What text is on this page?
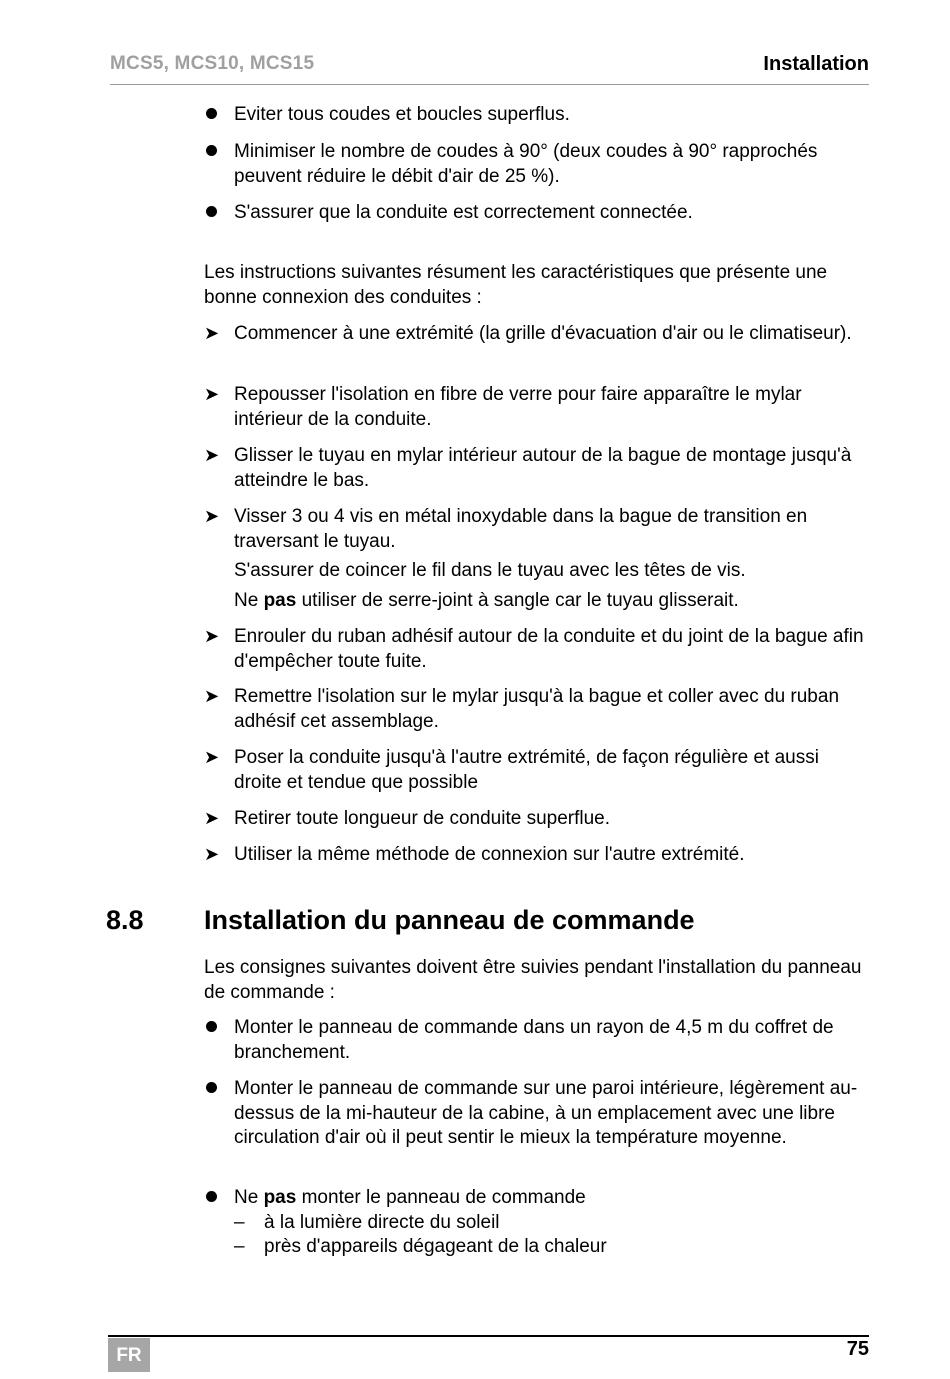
MCS5, MCS10, MCS15	Installation
Eviter tous coudes et boucles superflus.
Minimiser le nombre de coudes à 90° (deux coudes à 90° rapprochés peuvent réduire le débit d'air de 25 %).
S'assurer que la conduite est correctement connectée.
Les instructions suivantes résument les caractéristiques que présente une bonne connexion des conduites :
➤ Commencer à une extrémité (la grille d'évacuation d'air ou le climatiseur).
➤ Repousser l'isolation en fibre de verre pour faire apparaître le mylar intérieur de la conduite.
➤ Glisser le tuyau en mylar intérieur autour de la bague de montage jusqu'à atteindre le bas.
➤ Visser 3 ou 4 vis en métal inoxydable dans la bague de transition en traversant le tuyau.
S'assurer de coincer le fil dans le tuyau avec les têtes de vis.
Ne pas utiliser de serre-joint à sangle car le tuyau glisserait.
➤ Enrouler du ruban adhésif autour de la conduite et du joint de la bague afin d'empêcher toute fuite.
➤ Remettre l'isolation sur le mylar jusqu'à la bague et coller avec du ruban adhésif cet assemblage.
➤ Poser la conduite jusqu'à l'autre extrémité, de façon régulière et aussi droite et tendue que possible
➤ Retirer toute longueur de conduite superflue.
➤ Utiliser la même méthode de connexion sur l'autre extrémité.
8.8 Installation du panneau de commande
Les consignes suivantes doivent être suivies pendant l'installation du panneau de commande :
Monter le panneau de commande dans un rayon de 4,5 m du coffret de branchement.
Monter le panneau de commande sur une paroi intérieure, légèrement au-dessus de la mi-hauteur de la cabine, à un emplacement avec une libre circulation d'air où il peut sentir le mieux la température moyenne.
Ne pas monter le panneau de commande
– à la lumière directe du soleil
– près d'appareils dégageant de la chaleur
FR	75
